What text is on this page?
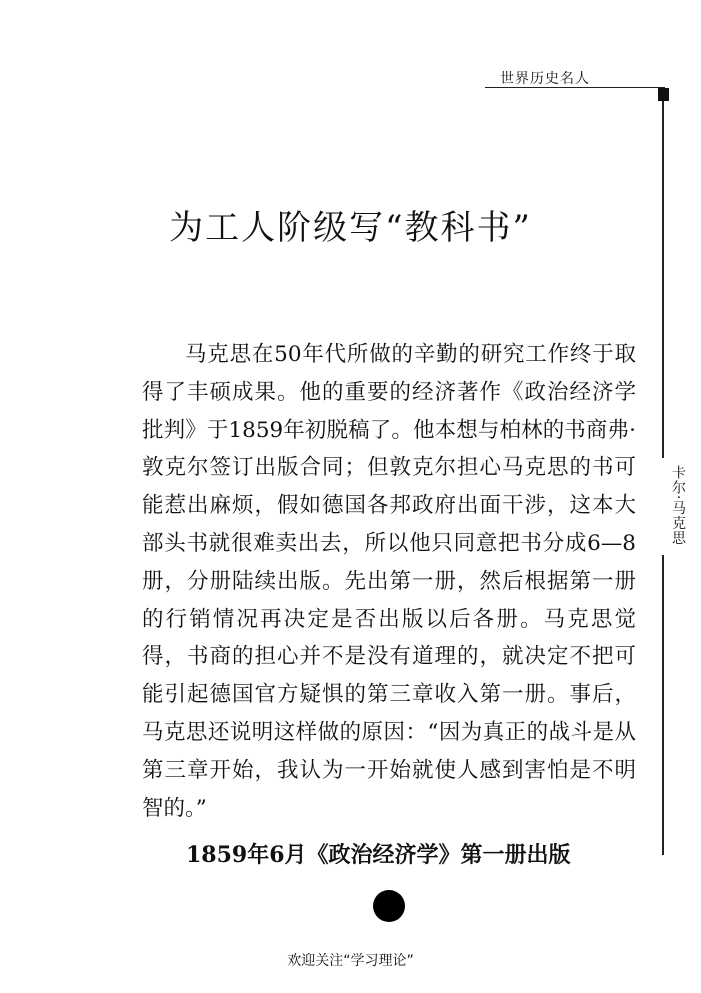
世界历史名人
卡尔·马克思
为工人阶级写“教科书”

马克思在50年代所做的辛勤的研究工作终于取得了丰硕成果。他的重要的经济著作《政治经济学批判》于1859年初脱稿了。他本想与柏林的书商弗·敦克尔签订出版合同；但敦克尔担心马克思的书可能惹出麻烦，假如德国各邦政府出面干涉，这本大部头书就很难卖出去，所以他只同意把书分成6—8册，分册陆续出版。先出第一册，然后根据第一册的行销情况再决定是否出版以后各册。马克思觉得，书商的担心并不是没有道理的，就决定不把可能引起德国官方疑惧的第三章收入第一册。事后，马克思还说明这样做的原因：“因为真正的战斗是从第三章开始，我认为一开始就使人感到害怕是不明智的。”

1859年6月《政治经济学》第一册出版

欢迎关注“学习理论”
